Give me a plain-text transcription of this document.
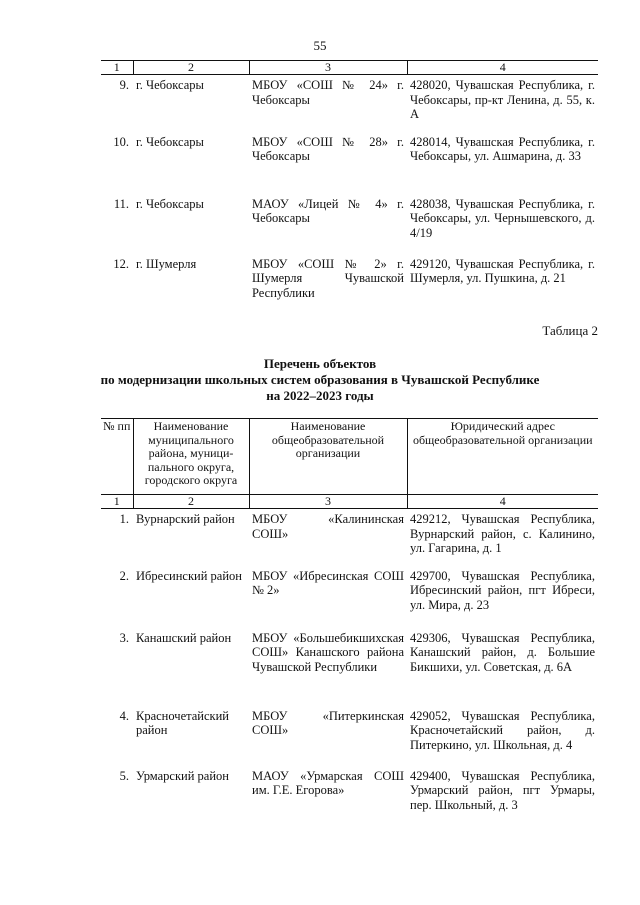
55
1	2	3	4
9.	г. Чебоксары	МБОУ «СОШ № 24» г. Чебоксары	428020, Чувашская Республика, г. Чебоксары, пр-кт Ленина, д. 55, к. А
10.	г. Чебоксары	МБОУ «СОШ № 28» г. Чебоксары	428014, Чувашская Республика, г. Чебоксары, ул. Ашмарина, д. 33
11.	г. Чебоксары	МАОУ «Лицей № 4» г. Чебоксары	428038, Чувашская Республика, г. Чебоксары, ул. Чернышевского, д. 4/19
12.	г. Шумерля	МБОУ «СОШ № 2» г. Шумерля Чувашской Республики	429120, Чувашская Республика, г. Шумерля, ул. Пушкина, д. 21
Таблица 2
Перечень объектов
по модернизации школьных систем образования в Чувашской Республике
на 2022–2023 годы
№ пп	Наименование муниципального района, муници-пального округа, городского округа	Наименование общеобразовательной организации	Юридический адрес общеобразовательной организации
1	2	3	4
1.	Вурнарский район	МБОУ «Калининская СОШ»	429212, Чувашская Республика, Вурнарский район, с. Калинино, ул. Гагарина, д. 1
2.	Ибресинский район	МБОУ «Ибресинская СОШ № 2»	429700, Чувашская Республика, Ибресинский район, пгт Ибреси, ул. Мира, д. 23
3.	Канашский район	МБОУ «Большебикшихская СОШ» Канашского района Чувашской Республики	429306, Чувашская Республика, Канашский район, д. Большие Бикшихи, ул. Советская, д. 6А
4.	Красночетайский район	МБОУ «Питеркинская СОШ»	429052, Чувашская Республика, Красночетайский район, д. Питеркино, ул. Школьная, д. 4
5.	Урмарский район	МАОУ «Урмарская СОШ им. Г.Е. Егорова»	429400, Чувашская Республика, Урмарский район, пгт Урмары, пер. Школьный, д. 3
